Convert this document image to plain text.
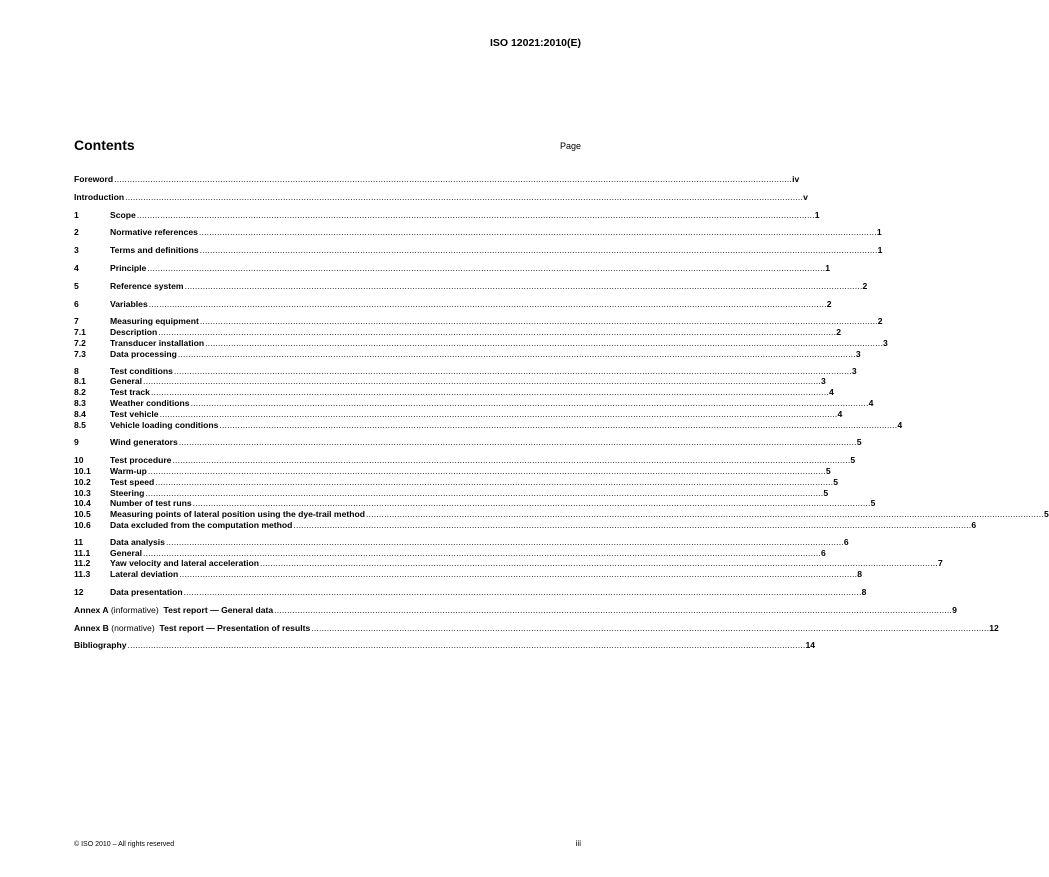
ISO 12021:2010(E)
Contents	Page
Foreword .....	iv
Introduction .....	v
1	Scope .....	1
2	Normative references .....	1
3	Terms and definitions .....	1
4	Principle .....	1
5	Reference system .....	2
6	Variables .....	2
7	Measuring equipment .....	2
7.1	Description .....	2
7.2	Transducer installation .....	3
7.3	Data processing .....	3
8	Test conditions .....	3
8.1	General .....	3
8.2	Test track .....	4
8.3	Weather conditions .....	4
8.4	Test vehicle .....	4
8.5	Vehicle loading conditions .....	4
9	Wind generators .....	5
10	Test procedure .....	5
10.1	Warm-up .....	5
10.2	Test speed .....	5
10.3	Steering .....	5
10.4	Number of test runs .....	5
10.5	Measuring points of lateral position using the dye-trail method .....	5
10.6	Data excluded from the computation method .....	6
11	Data analysis .....	6
11.1	General .....	6
11.2	Yaw velocity and lateral acceleration .....	7
11.3	Lateral deviation .....	8
12	Data presentation .....	8
Annex A (informative)  Test report — General data .....	9
Annex B (normative)  Test report — Presentation of results .....	12
Bibliography .....	14
© ISO 2010 – All rights reserved	iii
